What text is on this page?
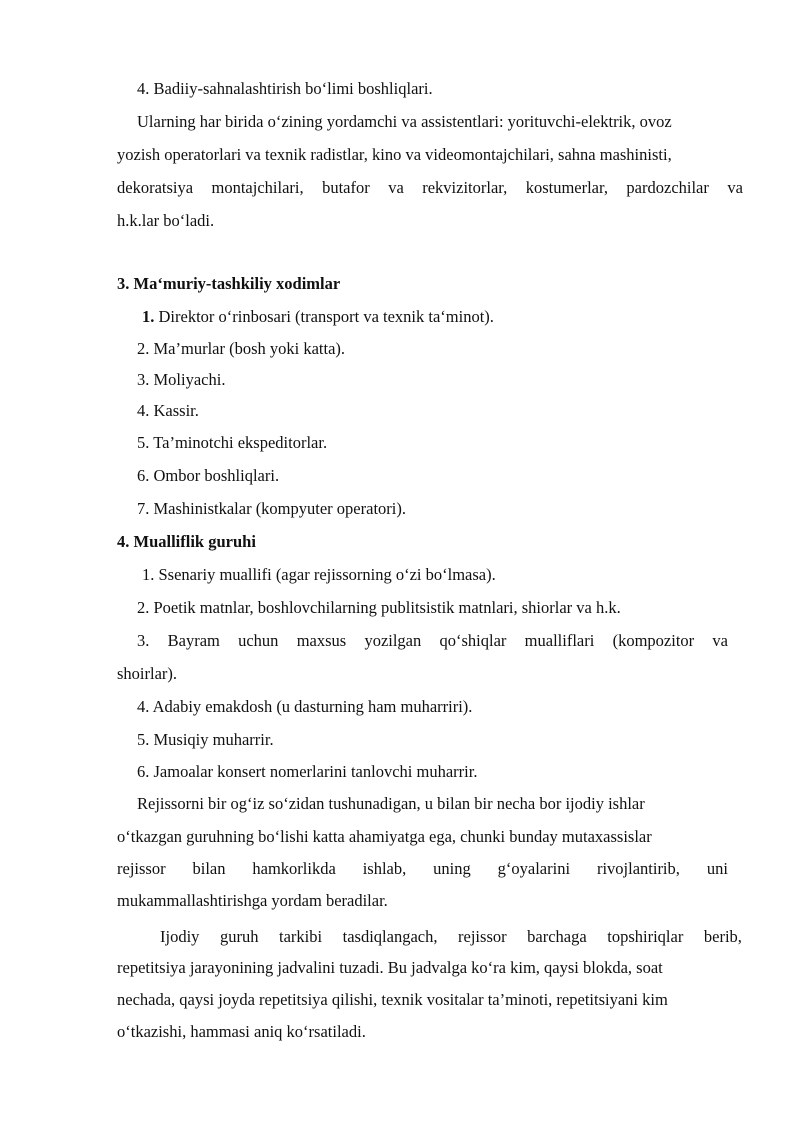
4. Badiiy-sahnalashtirish bo‘limi boshliqlari.
Ularning har birida o‘zining yordamchi va assistentlari: yorituvchi-elektrik, ovoz
yozish operatorlari va texnik radistlar, kino va videomontajchilari, sahna mashinisti,
dekoratsiya montajchilari, butafor va rekvizitorlar, kostumerlar, pardozchilar va
h.k.lar bo‘ladi.
3. Ma‘muriy-tashkiliy xodimlar
1. Direktor o‘rinbosari (transport va texnik ta‘minot).
2. Ma’murlar (bosh yoki katta).
3. Moliyachi.
4. Kassir.
5. Ta’minotchi ekspeditorlar.
6. Ombor boshliqlari.
7. Mashinistkalar (kompyuter operatori).
4. Mualliflik guruhi
1. Ssenariy muallifi (agar rejissorning o‘zi bo‘lmasa).
2. Poetik matnlar, boshlovchilarning publitsistik matnlari, shiorlar va h.k.
3. Bayram uchun maxsus yozilgan qo‘shiqlar mualliflari (kompozitor va
shoirlar).
4. Adabiy emakdosh (u dasturning ham muharriri).
5. Musiqiy muharrir.
6. Jamoalar konsert nomerlarini tanlovchi muharrir.
Rejissorni bir og‘iz so‘zidan tushunadigan, u bilan bir necha bor ijodiy ishlar
o‘tkazgan guruhning bo‘lishi katta ahamiyatga ega, chunki bunday mutaxassislar
rejissor bilan hamkorlikda ishlab, uning g‘oyalarini rivojlantirib, uni
mukammallashtirishga yordam beradilar.
Ijodiy guruh tarkibi tasdiqlangach, rejissor barchaga topshiriqlar berib,
repetitsiya jarayonining jadvalini tuzadi. Bu jadvalga ko‘ra kim, qaysi blokda, soat
nechada, qaysi joyda repetitsiya qilishi, texnik vositalar ta’minoti, repetitsiyani kim
o‘tkazishi, hammasi aniq ko‘rsatiladi.
